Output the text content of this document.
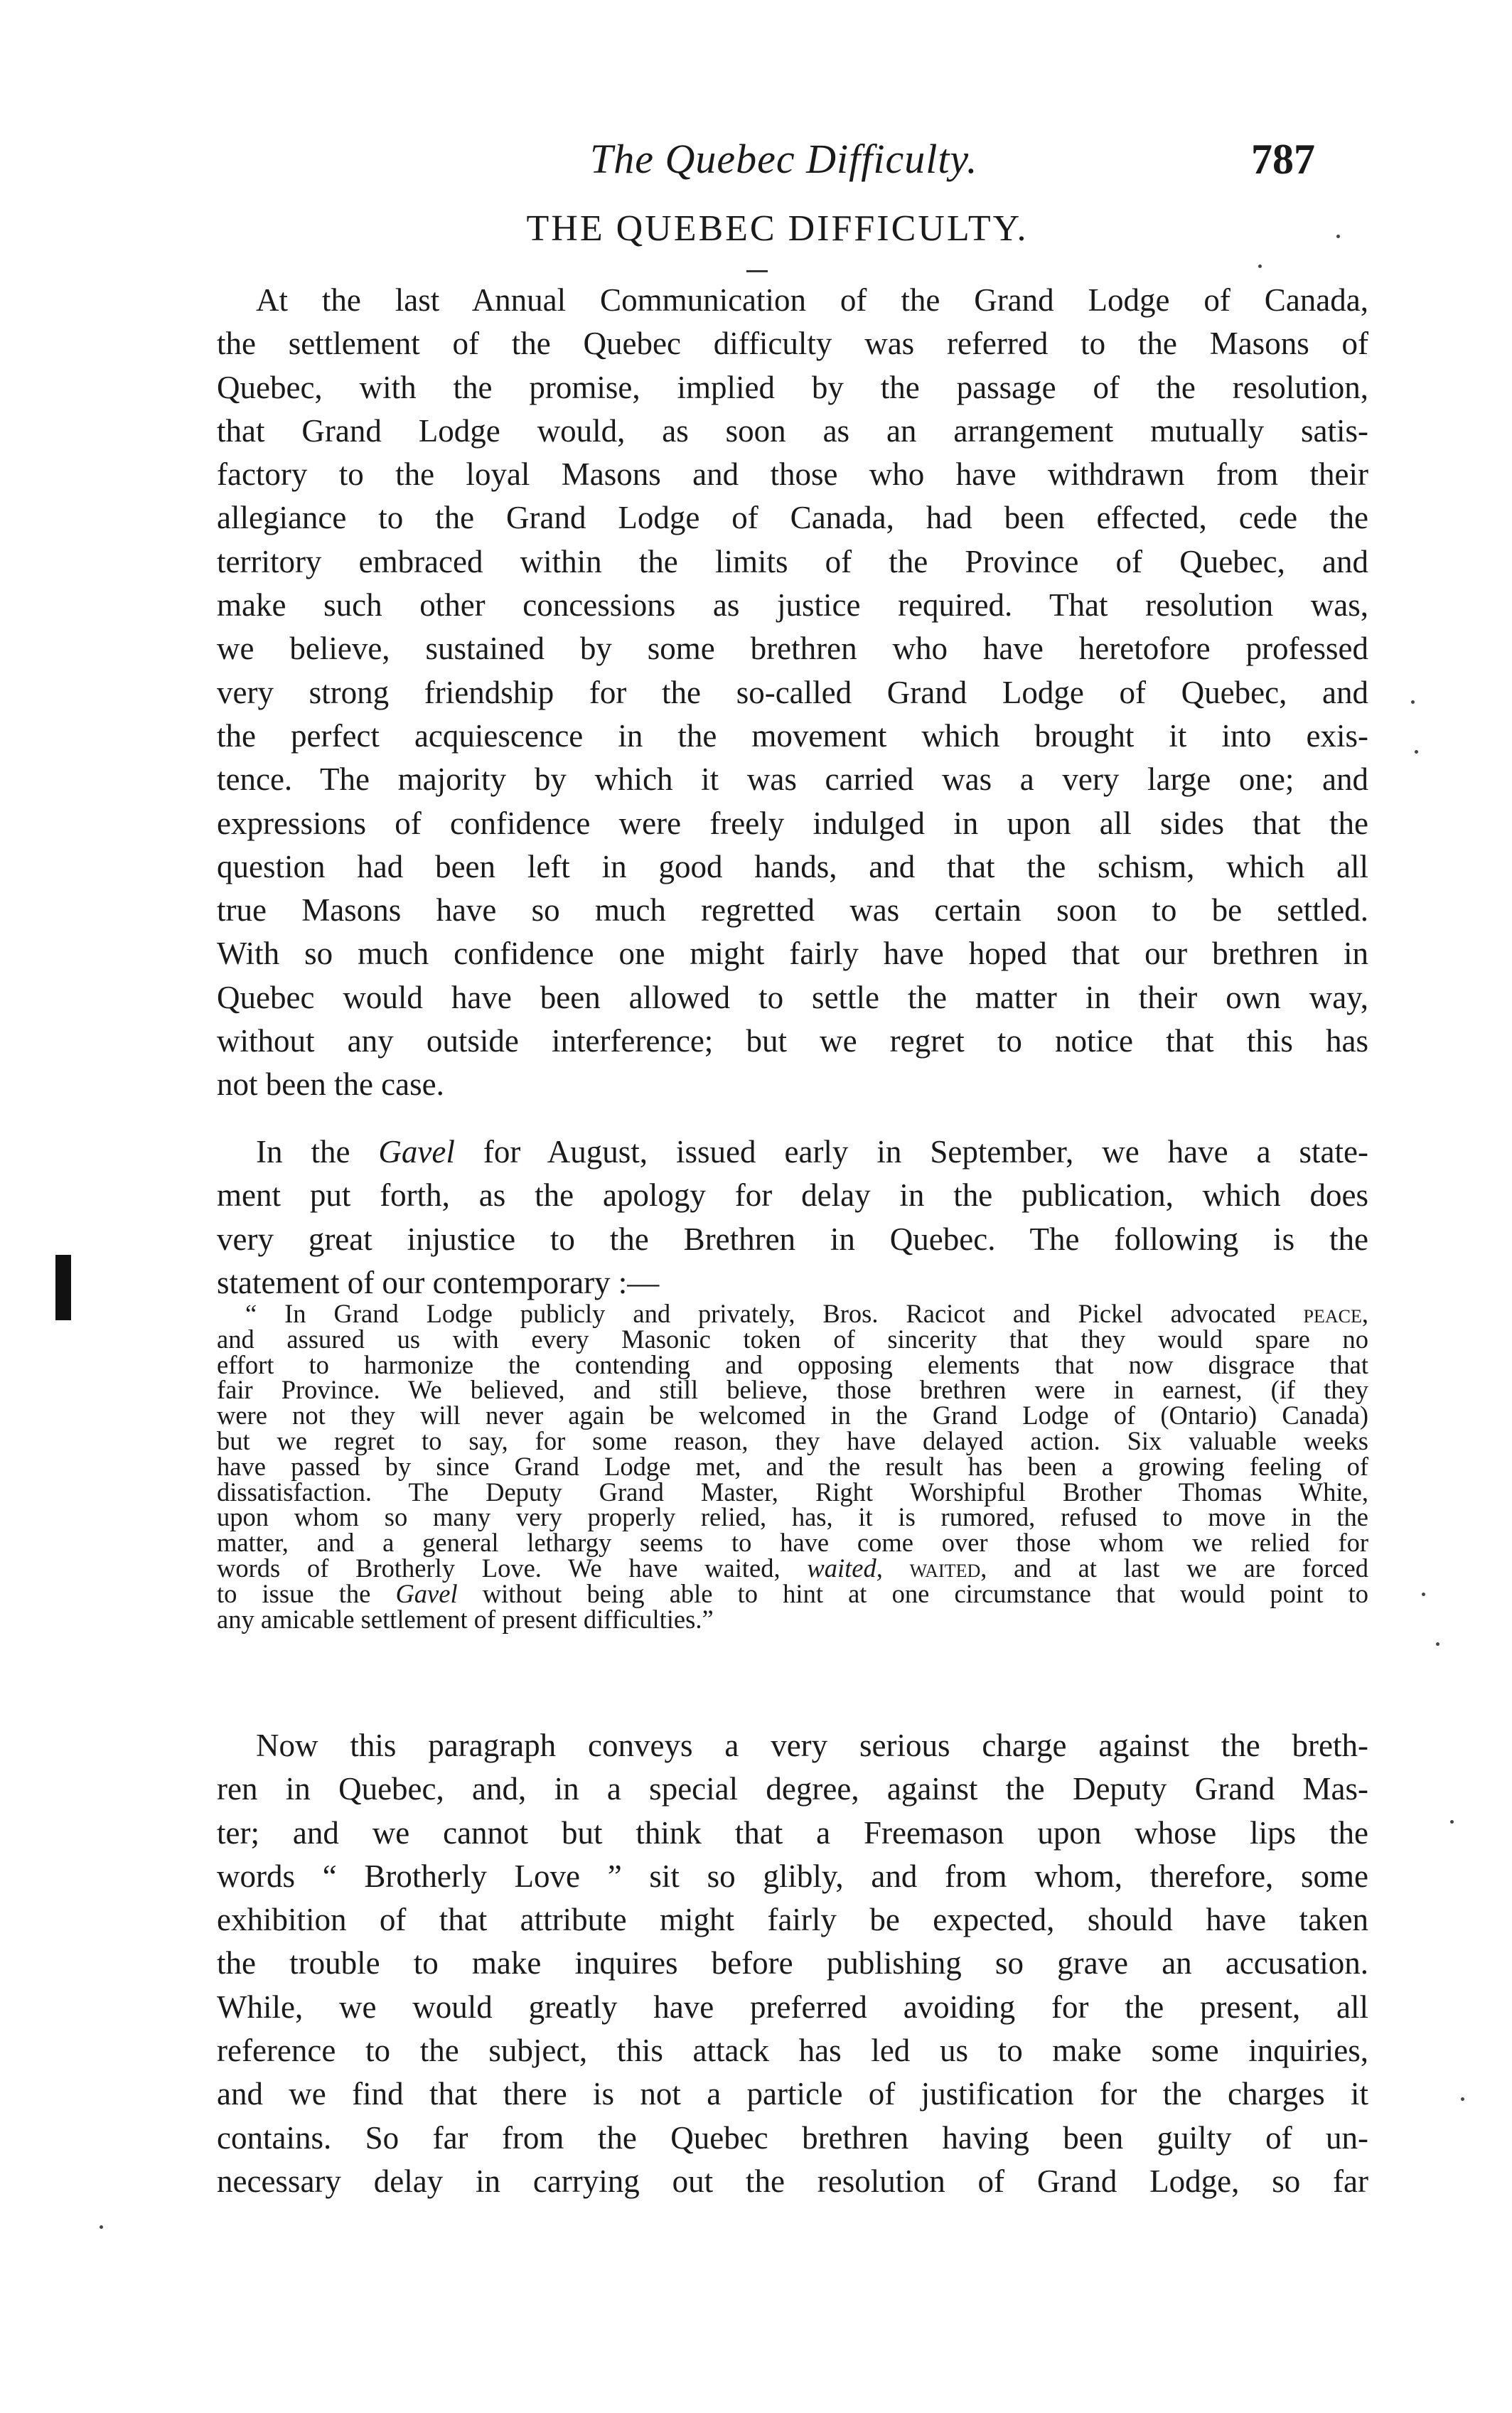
The Quebec Difficulty.	787
THE QUEBEC DIFFICULTY.
At the last Annual Communication of the Grand Lodge of Canada,
the settlement of the Quebec difficulty was referred to the Masons of
Quebec, with the promise, implied by the passage of the resolution,
that Grand Lodge would, as soon as an arrangement mutually satis-
factory to the loyal Masons and those who have withdrawn from their
allegiance to the Grand Lodge of Canada, had been effected, cede the
territory embraced within the limits of the Province of Quebec, and
make such other concessions as justice required. That resolution was,
we believe, sustained by some brethren who have heretofore professed
very strong friendship for the so-called Grand Lodge of Quebec, and
the perfect acquiescence in the movement which brought it into exis-
tence. The majority by which it was carried was a very large one; and
expressions of confidence were freely indulged in upon all sides that the
question had been left in good hands, and that the schism, which all
true Masons have so much regretted was certain soon to be settled.
With so much confidence one might fairly have hoped that our brethren in
Quebec would have been allowed to settle the matter in their own way,
without any outside interference; but we regret to notice that this has
not been the case.
In the Gavel for August, issued early in September, we have a state-
ment put forth, as the apology for delay in the publication, which does
very great injustice to the Brethren in Quebec. The following is the
statement of our contemporary :—
“ In Grand Lodge publicly and privately, Bros. Racicot and Pickel advocated peace,
and assured us with every Masonic token of sincerity that they would spare no
effort to harmonize the contending and opposing elements that now disgrace that
fair Province. We believed, and still believe, those brethren were in earnest, (if they
were not they will never again be welcomed in the Grand Lodge of (Ontario) Canada)
but we regret to say, for some reason, they have delayed action. Six valuable weeks
have passed by since Grand Lodge met, and the result has been a growing feeling of
dissatisfaction. The Deputy Grand Master, Right Worshipful Brother Thomas White,
upon whom so many very properly relied, has, it is rumored, refused to move in the
matter, and a general lethargy seems to have come over those whom we relied for
words of Brotherly Love. We have waited, waited, waited, and at last we are forced
to issue the Gavel without being able to hint at one circumstance that would point to
any amicable settlement of present difficulties.”
Now this paragraph conveys a very serious charge against the breth-
ren in Quebec, and, in a special degree, against the Deputy Grand Mas-
ter; and we cannot but think that a Freemason upon whose lips the
words “ Brotherly Love ” sit so glibly, and from whom, therefore, some
exhibition of that attribute might fairly be expected, should have taken
the trouble to make inquires before publishing so grave an accusation.
While, we would greatly have preferred avoiding for the present, all
reference to the subject, this attack has led us to make some inquiries,
and we find that there is not a particle of justification for the charges it
contains. So far from the Quebec brethren having been guilty of un-
necessary delay in carrying out the resolution of Grand Lodge, so far
